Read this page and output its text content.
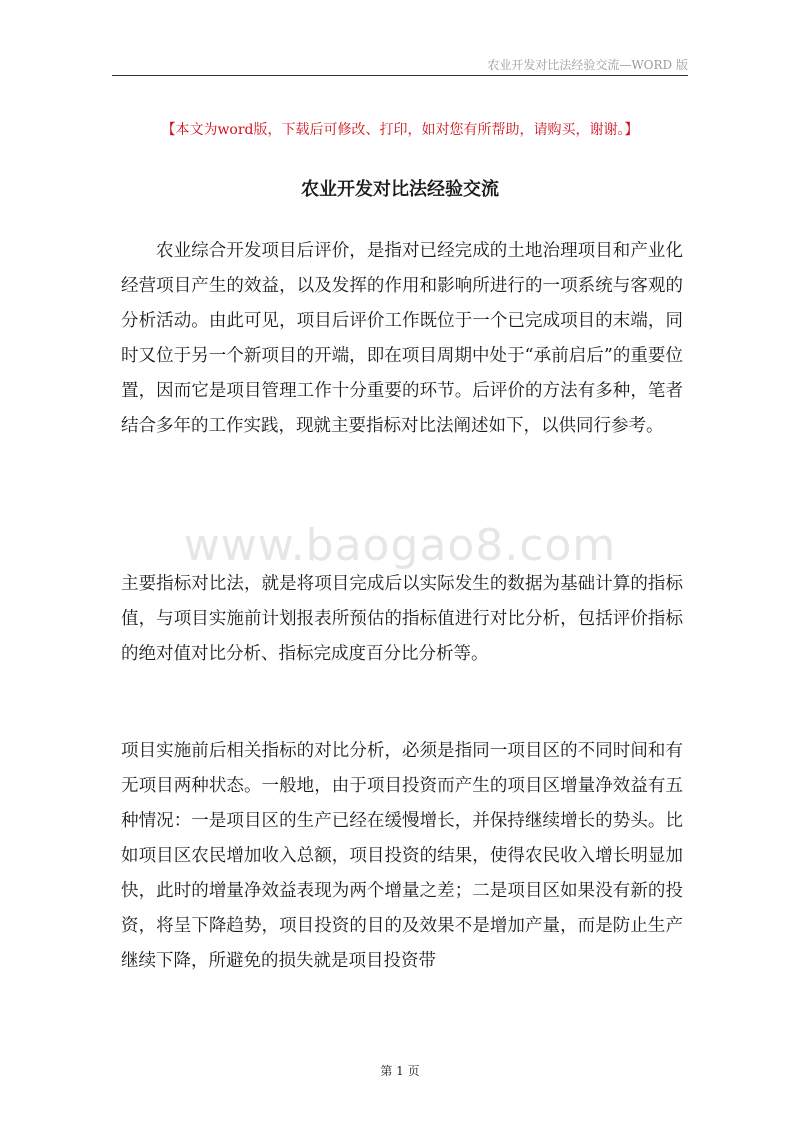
农业开发对比法经验交流—WORD 版
【本文为word版，下载后可修改、打印，如对您有所帮助，请购买，谢谢。】
农业开发对比法经验交流
www.baogao8.com

农业综合开发项目后评价，是指对已经完成的土地治理项目和产业化经营项目产生的效益，以及发挥的作用和影响所进行的一项系统与客观的分析活动。由此可见，项目后评价工作既位于一个已完成项目的末端，同时又位于另一个新项目的开端，即在项目周期中处于“承前启后”的重要位置，因而它是项目管理工作十分重要的环节。后评价的方法有多种，笔者结合多年的工作实践，现就主要指标对比法阐述如下，以供同行参考。

主要指标对比法，就是将项目完成后以实际发生的数据为基础计算的指标值，与项目实施前计划报表所预估的指标值进行对比分析，包括评价指标的绝对值对比分析、指标完成度百分比分析等。

项目实施前后相关指标的对比分析，必须是指同一项目区的不同时间和有无项目两种状态。一般地，由于项目投资而产生的项目区增量净效益有五种情况：一是项目区的生产已经在缓慢增长，并保持继续增长的势头。比如项目区农民增加收入总额，项目投资的结果，使得农民收入增长明显加快，此时的增量净效益表现为两个增量之差；二是项目区如果没有新的投资，将呈下降趋势，项目投资的目的及效果不是增加产量，而是防止生产继续下降，所避免的损失就是项目投资带

第 1 页
